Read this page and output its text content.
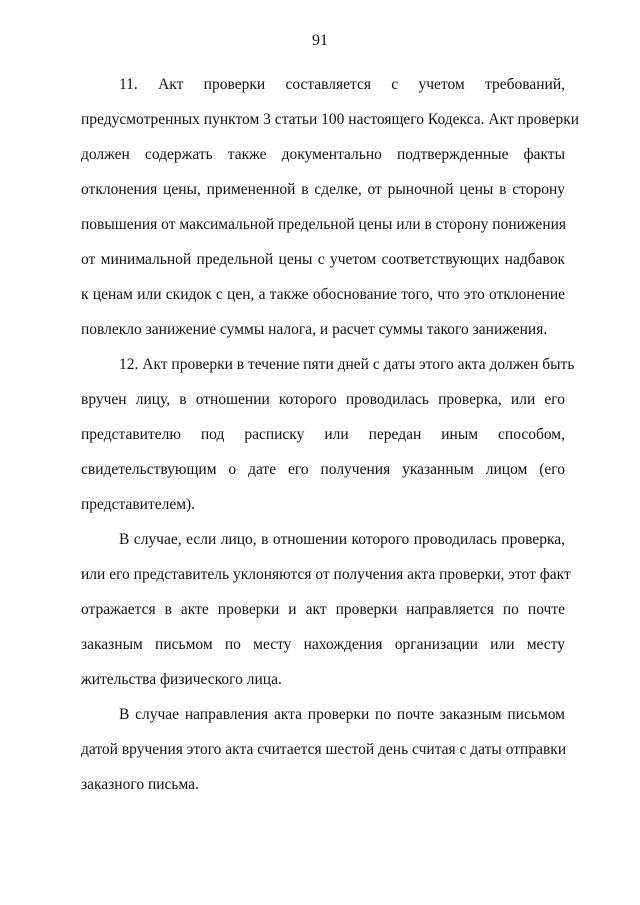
91
11. Акт проверки составляется с учетом требований,
предусмотренных пунктом 3 статьи 100 настоящего Кодекса. Акт проверки
должен содержать также документально подтвержденные факты
отклонения цены, примененной в сделке, от рыночной цены в сторону
повышения от максимальной предельной цены или в сторону понижения
от минимальной предельной цены с учетом соответствующих надбавок
к ценам или скидок с цен, а также обоснование того, что это отклонение
повлекло занижение суммы налога, и расчет суммы такого занижения.
12. Акт проверки в течение пяти дней с даты этого акта должен быть
вручен лицу, в отношении которого проводилась проверка, или его
представителю под расписку или передан иным способом,
свидетельствующим о дате его получения указанным лицом (его
представителем).
В случае, если лицо, в отношении которого проводилась проверка,
или его представитель уклоняются от получения акта проверки, этот факт
отражается в акте проверки и акт проверки направляется по почте
заказным письмом по месту нахождения организации или месту
жительства физического лица.
В случае направления акта проверки по почте заказным письмом
датой вручения этого акта считается шестой день считая с даты отправки
заказного письма.
